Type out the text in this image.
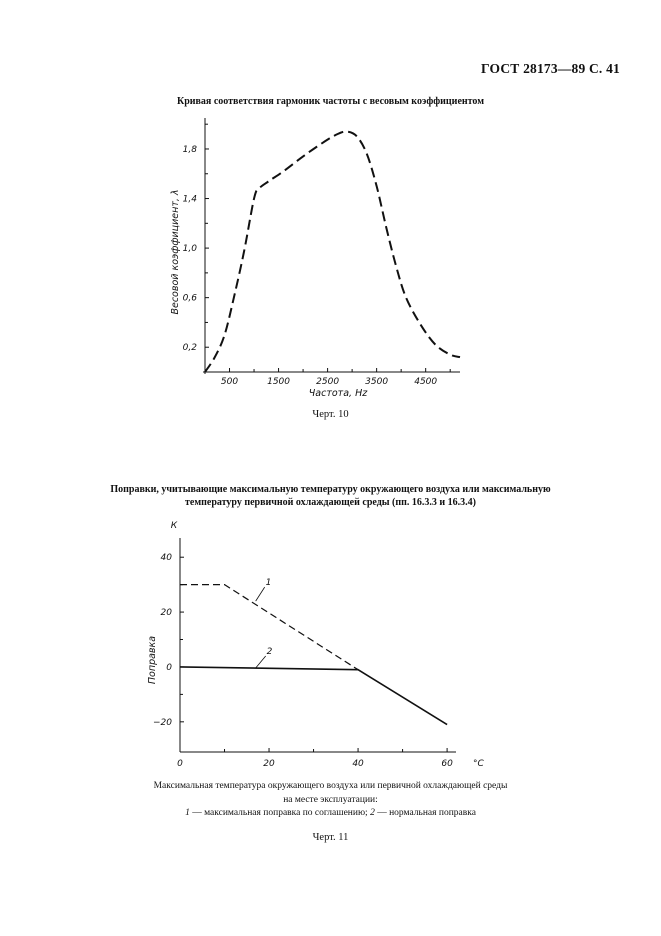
ГОСТ 28173—89 С. 41
Кривая соответствия гармоник частоты с весовым коэффициентом
500	1500	2500	3500	4500
0,2
0,6
1,0
1,4
1,8
Частота, Hz
Весовой коэффициент, λ
Черт. 10
Поправки, учитывающие максимальную температуру окружающего воздуха или максимальную
температуру первичной охлаждающей среды (пп. 16.3.3 и 16.3.4)
0	20	40	60
−20
0
20
40
1
2
К
°C
Поправка
Максимальная температура окружающего воздуха или первичной охлаждающей среды
на месте эксплуатации:
1 — максимальная поправка по соглашению; 2 — нормальная поправка
Черт. 11
